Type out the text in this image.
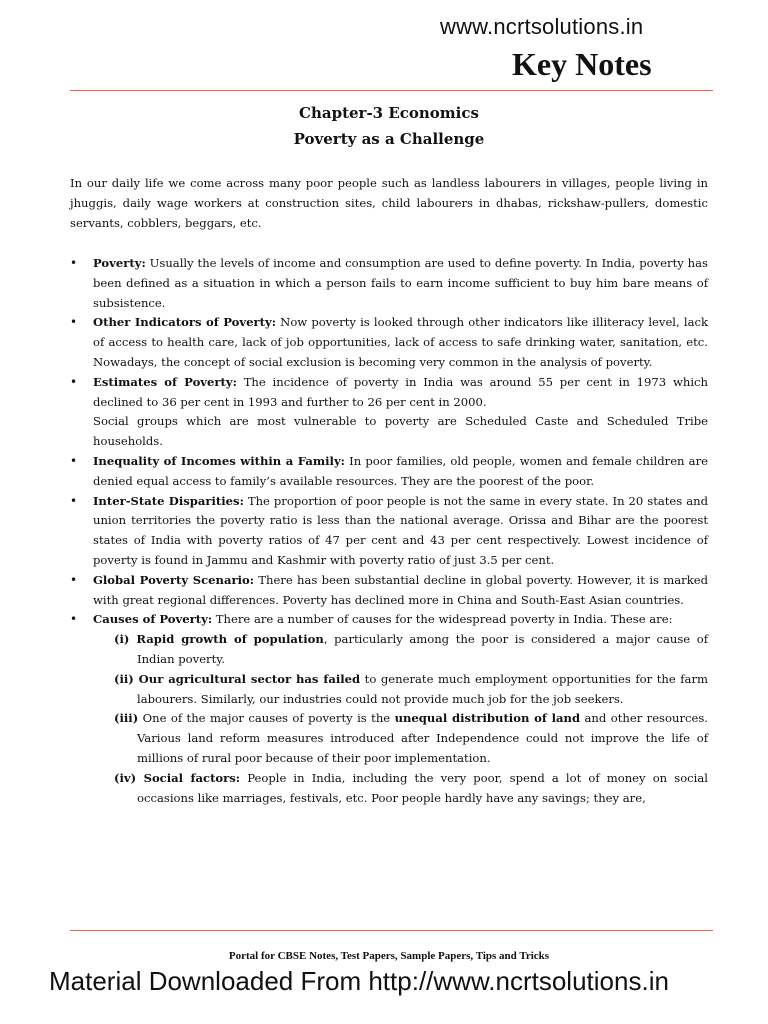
www.ncrtsolutions.in
Key Notes
Chapter-3 Economics
Poverty as a Challenge

In our daily life we come across many poor people such as landless labourers in villages, people living in jhuggis, daily wage workers at construction sites, child labourers in dhabas, rickshaw-pullers, domestic servants, cobblers, beggars, etc.

• Poverty: Usually the levels of income and consumption are used to define poverty. In India, poverty has been defined as a situation in which a person fails to earn income sufficient to buy him bare means of subsistence.
• Other Indicators of Poverty: Now poverty is looked through other indicators like illiteracy level, lack of access to health care, lack of job opportunities, lack of access to safe drinking water, sanitation, etc. Nowadays, the concept of social exclusion is becoming very common in the analysis of poverty.
• Estimates of Poverty: The incidence of poverty in India was around 55 per cent in 1973 which declined to 36 per cent in 1993 and further to 26 per cent in 2000.
Social groups which are most vulnerable to poverty are Scheduled Caste and Scheduled Tribe households.
• Inequality of Incomes within a Family: In poor families, old people, women and female children are denied equal access to family’s available resources. They are the poorest of the poor.
• Inter-State Disparities: The proportion of poor people is not the same in every state. In 20 states and union territories the poverty ratio is less than the national average. Orissa and Bihar are the poorest states of India with poverty ratios of 47 per cent and 43 per cent respectively. Lowest incidence of poverty is found in Jammu and Kashmir with poverty ratio of just 3.5 per cent.
• Global Poverty Scenario: There has been substantial decline in global poverty. However, it is marked with great regional differences. Poverty has declined more in China and South-East Asian countries.
• Causes of Poverty: There are a number of causes for the widespread poverty in India. These are:
(i) Rapid growth of population, particularly among the poor is considered a major cause of Indian poverty.
(ii) Our agricultural sector has failed to generate much employment opportunities for the farm labourers. Similarly, our industries could not provide much job for the job seekers.
(iii) One of the major causes of poverty is the unequal distribution of land and other resources. Various land reform measures introduced after Independence could not improve the life of millions of rural poor because of their poor implementation.
(iv) Social factors: People in India, including the very poor, spend a lot of money on social occasions like marriages, festivals, etc. Poor people hardly have any savings; they are,
Portal for CBSE Notes, Test Papers, Sample Papers, Tips and Tricks
Material Downloaded From http://www.ncrtsolutions.in
